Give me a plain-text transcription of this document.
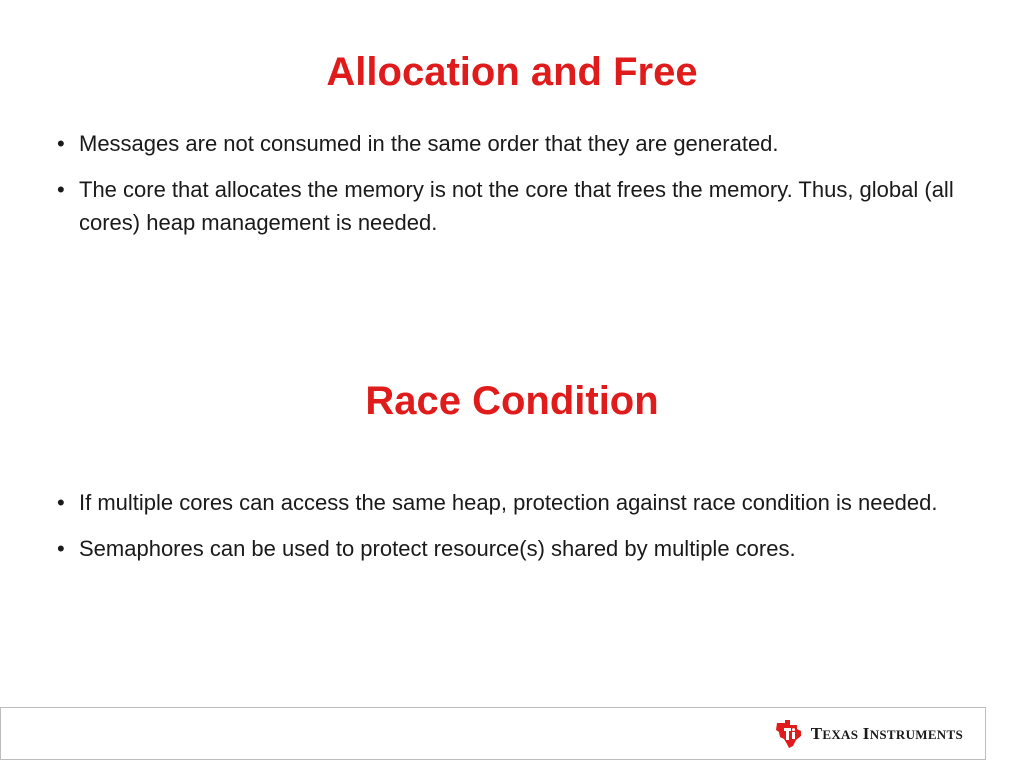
Allocation and Free
• Messages are not consumed in the same order that they are generated.
• The core that allocates the memory is not the core that frees the memory. Thus, global (all cores) heap management is needed.
Race Condition
• If multiple cores can access the same heap, protection against race condition is needed.
• Semaphores can be used to protect resource(s) shared by multiple cores.
TEXAS INSTRUMENTS
